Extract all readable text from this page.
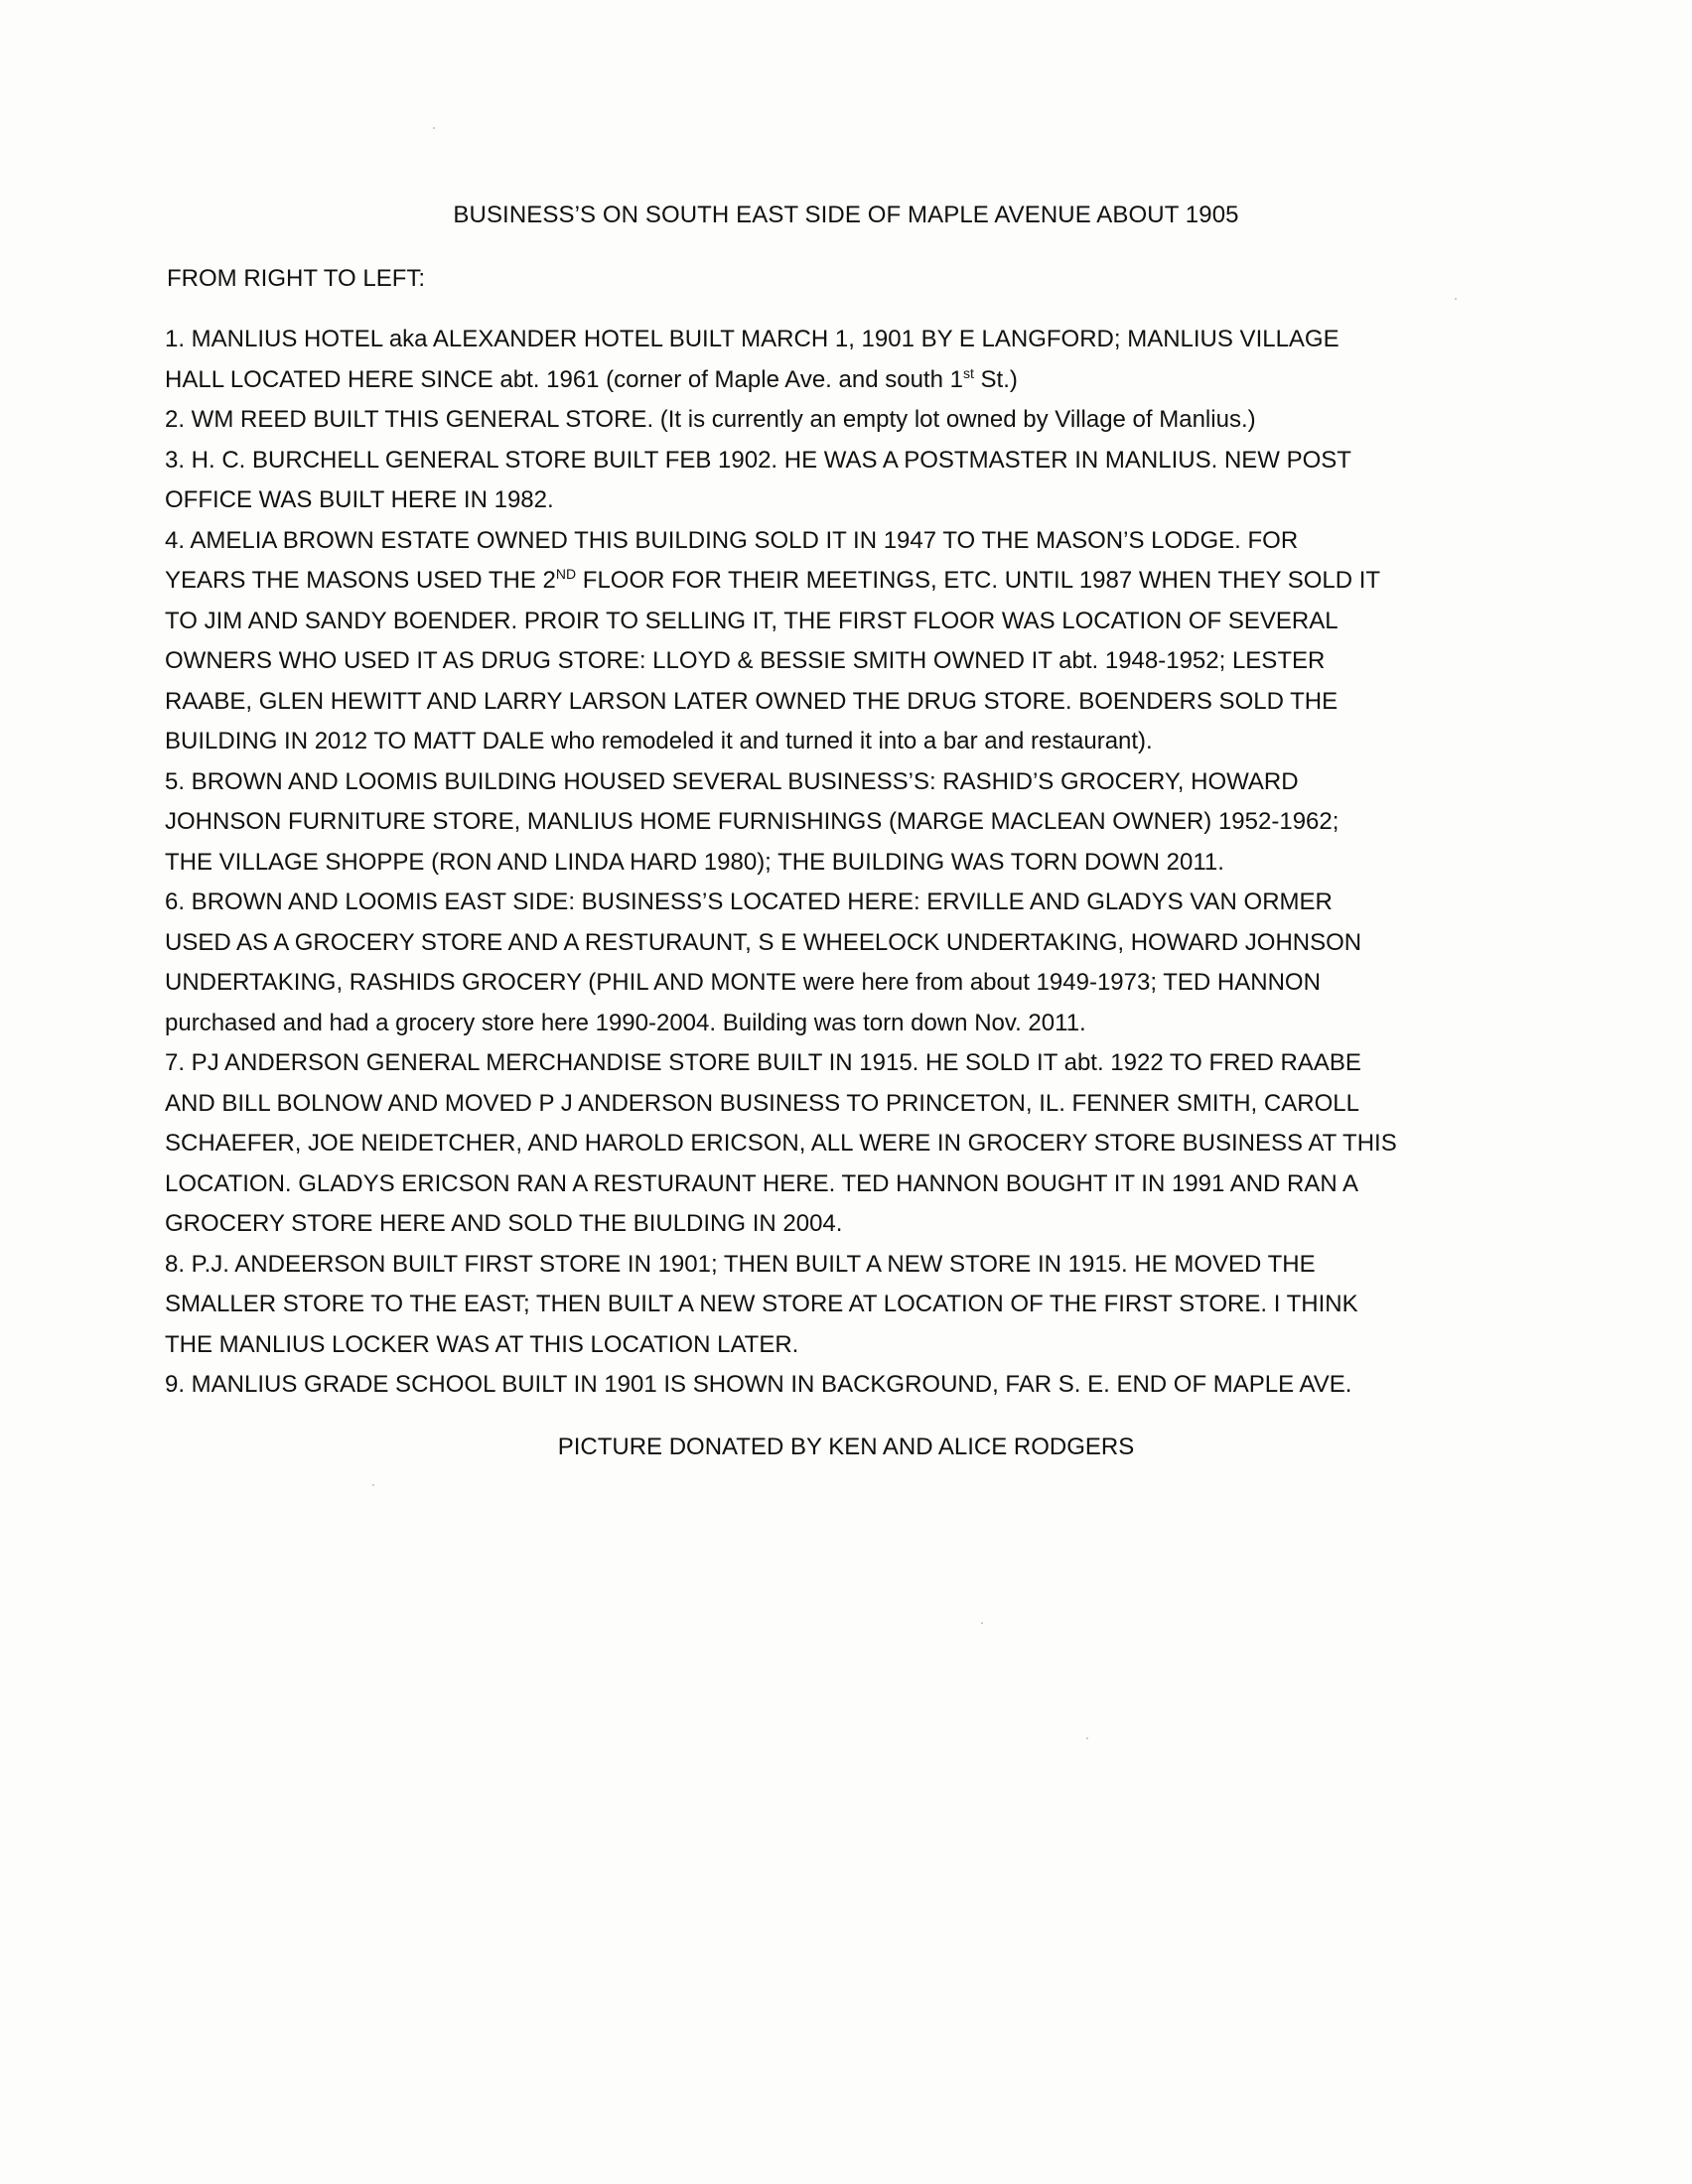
BUSINESS’S ON SOUTH EAST SIDE OF MAPLE AVENUE ABOUT 1905
FROM RIGHT TO LEFT:
1. MANLIUS HOTEL aka ALEXANDER HOTEL BUILT MARCH 1, 1901 BY E LANGFORD; MANLIUS VILLAGE
HALL LOCATED HERE SINCE abt. 1961 (corner of Maple Ave. and south 1st St.)
2. WM REED BUILT THIS GENERAL STORE. (It is currently an empty lot owned by Village of Manlius.)
3. H. C. BURCHELL GENERAL STORE BUILT FEB 1902. HE WAS A POSTMASTER IN MANLIUS. NEW POST
OFFICE WAS BUILT HERE IN 1982.
4. AMELIA BROWN ESTATE OWNED THIS BUILDING SOLD IT IN 1947 TO THE MASON’S LODGE. FOR
YEARS THE MASONS USED THE 2ND FLOOR FOR THEIR MEETINGS, ETC. UNTIL 1987 WHEN THEY SOLD IT
TO JIM AND SANDY BOENDER. PROIR TO SELLING IT, THE FIRST FLOOR WAS LOCATION OF SEVERAL
OWNERS WHO USED IT AS DRUG STORE: LLOYD & BESSIE SMITH OWNED IT abt. 1948-1952; LESTER
RAABE, GLEN HEWITT AND LARRY LARSON LATER OWNED THE DRUG STORE. BOENDERS SOLD THE
BUILDING IN 2012 TO MATT DALE who remodeled it and turned it into a bar and restaurant).
5. BROWN AND LOOMIS BUILDING HOUSED SEVERAL BUSINESS’S: RASHID’S GROCERY, HOWARD
JOHNSON FURNITURE STORE, MANLIUS HOME FURNISHINGS (MARGE MACLEAN OWNER) 1952-1962;
THE VILLAGE SHOPPE (RON AND LINDA HARD 1980); THE BUILDING WAS TORN DOWN 2011.
6. BROWN AND LOOMIS EAST SIDE: BUSINESS’S LOCATED HERE: ERVILLE AND GLADYS VAN ORMER
USED AS A GROCERY STORE AND A RESTURAUNT, S E WHEELOCK UNDERTAKING, HOWARD JOHNSON
UNDERTAKING, RASHIDS GROCERY (PHIL AND MONTE were here from about 1949-1973; TED HANNON
purchased and had a grocery store here 1990-2004. Building was torn down Nov. 2011.
7. PJ ANDERSON GENERAL MERCHANDISE STORE BUILT IN 1915. HE SOLD IT abt. 1922 TO FRED RAABE
AND BILL BOLNOW AND MOVED P J ANDERSON BUSINESS TO PRINCETON, IL. FENNER SMITH, CAROLL
SCHAEFER, JOE NEIDETCHER, AND HAROLD ERICSON, ALL WERE IN GROCERY STORE BUSINESS AT THIS
LOCATION. GLADYS ERICSON RAN A RESTURAUNT HERE. TED HANNON BOUGHT IT IN 1991 AND RAN A
GROCERY STORE HERE AND SOLD THE BIULDING IN 2004.
8. P.J. ANDEERSON BUILT FIRST STORE IN 1901; THEN BUILT A NEW STORE IN 1915. HE MOVED THE
SMALLER STORE TO THE EAST; THEN BUILT A NEW STORE AT LOCATION OF THE FIRST STORE. I THINK
THE MANLIUS LOCKER WAS AT THIS LOCATION LATER.
9. MANLIUS GRADE SCHOOL BUILT IN 1901 IS SHOWN IN BACKGROUND, FAR S. E. END OF MAPLE AVE.
PICTURE DONATED BY KEN AND ALICE RODGERS
